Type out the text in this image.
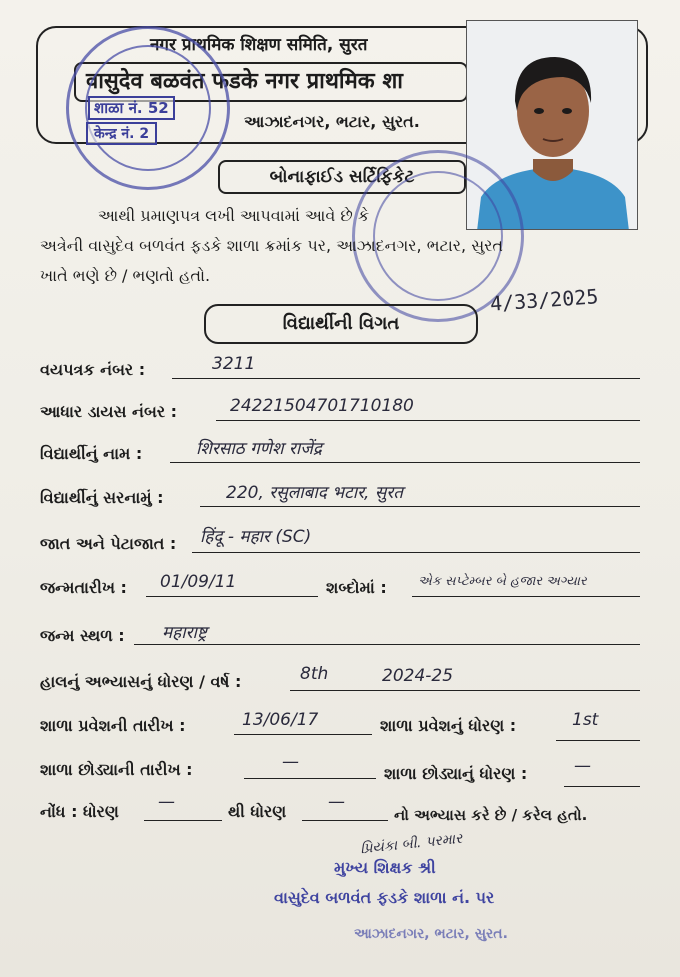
नगर प्राथमिक शिक्षण समिति, सुरत
वासुदेव बळवंत फडके नगर प्राथमिक शा
આઝાદનગર, ભટાર, સુરત.
शाळा नं. 52
केन्द्र नं. 2
બોનાફાઈડ સર્ટિફિકેટ
આથી પ્રમાણપત્ર લખી આપવામાં આવે છે કે
અત્રેની વાસુદેવ બળવંત ફડકે શાળા ક્રમાંક પર, આઝાદનગર, ભટાર, સુરત
ખાતે ભણે છે / ભણતો હતો.
4/33/2025
વિદ્યાર્થીની વિગત
વયપત્રક નંબર :	3211
આધાર ડાયસ નંબર :	24221504701710180
વિદ્યાર્થીનું નામ :	शिरसाठ गणेश राजेंद्र
વિદ્યાર્થીનું સરનામું :	220, रसुलाबाद भटार, सुरत
જાત અને પેટાજાત : हिंदू - महार (SC)
જન્મતારીખ : 01/09/11	શબ્દોમાં : એક સપ્ટેમ્બર બે હજાર અગ્યાર
જન્મ સ્થળ : महाराष्ट्र
હાલનું અભ્યાસનું ધોરણ / વર્ષ :	8th	2024-25
શાળા પ્રવેશની તારીખ :	13/06/17	શાળા પ્રવેશનું ધોરણ :	1st
શાળા છોડ્યાની તારીખ :	—
શાળા છોડ્યાનું ધોરણ :	—
નોંધ : ધોરણ —	થી ધોરણ —
નો અભ્યાસ કરે છે / કરેલ હતો.
પ્રિયંકા બી. પરમાર
મુખ્ય શિક્ષક શ્રી
વાસુદેવ બળવંત ફડકે શાળા નં. પર
આઝાદનગર, ભટાર, સુરત.
